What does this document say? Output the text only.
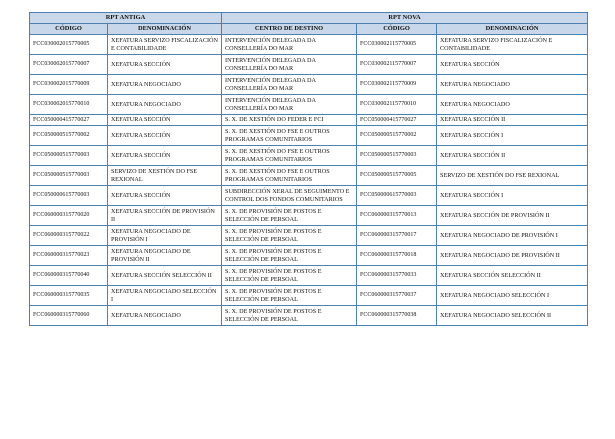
RPT ANTIGA		RPT NOVA		
CÓDIGO	DENOMINACIÓN	CENTRO DE DESTINO	CÓDIGO	DENOMINACIÓN
FCC030002015770005	XEFATURA SERVIZO FISCALIZACIÓN E CONTABILIDADE	INTERVENCIÓN DELEGADA DA CONSELLERÍA DO MAR	FCC030002115770005	XEFATURA SERVIZO FISCALIZACIÓN E CONTABILIDADE
FCC030002015770007	XEFATURA SECCIÓN	INTERVENCIÓN DELEGADA DA CONSELLERÍA DO MAR	FCC030002115770007	XEFATURA SECCIÓN
FCC030002015770009	XEFATURA NEGOCIADO	INTERVENCIÓN DELEGADA DA CONSELLERÍA DO MAR	FCC030002115770009	XEFATURA NEGOCIADO
FCC030002015770010	XEFATURA NEGOCIADO	INTERVENCIÓN DELEGADA DA CONSELLERÍA DO MAR	FCC030002115770010	XEFATURA NEGOCIADO
FCC050000415770027	XEFATURA SECCIÓN	S. X. DE XESTIÓN DO FEDER E FCI	FCC050000415770027	XEFATURA SECCIÓN II
FCC050000515770002	XEFATURA SECCIÓN	S. X. DE XESTIÓN DO FSE E OUTROS PROGRAMAS COMUNITARIOS	FCC050000515770002	XEFATURA SECCIÓN I
FCC050000515770003	XEFATURA SECCIÓN	S. X. DE XESTIÓN DO FSE E OUTROS PROGRAMAS COMUNITARIOS	FCC050000515770003	XEFATURA SECCIÓN II
FCC050000515770003	SERVIZO DE XESTIÓN DO FSE REXIONAL	S. X. DE XESTIÓN DO FSE E OUTROS PROGRAMAS COMUNITARIOS	FCC050000515770005	SERVIZO DE XESTIÓN DO FSE REXIONAL
FCC050000615770003	XEFATURA SECCIÓN	SUBDIRECCIÓN XERAL DE SEGUIMENTO E CONTROL DOS FONDOS COMUNITARIOS	FCC050000615770003	XEFATURA SECCIÓN I
FCC060000315770020	XEFATURA SECCIÓN DE PROVISIÓN II	S. X. DE PROVISIÓN DE POSTOS E SELECCIÓN DE PERSOAL	FCC060000315770013	XEFATURA SECCIÓN DE PROVISIÓN II
FCC060000315770022	XEFATURA NEGOCIADO DE PROVISIÓN I	S. X. DE PROVISIÓN DE POSTOS E SELECCIÓN DE PERSOAL	FCC060000315770017	XEFATURA NEGOCIADO DE PROVISIÓN I
FCC060000315770023	XEFATURA NEGOCIADO DE PROVISIÓN II	S. X. DE PROVISIÓN DE POSTOS E SELECCIÓN DE PERSOAL	FCC060000315770018	XEFATURA NEGOCIADO DE PROVISIÓN II
FCC060000315770040	XEFATURA SECCIÓN SELECCIÓN II	S. X. DE PROVISIÓN DE POSTOS E SELECCIÓN DE PERSOAL	FCC060000315770033	XEFATURA SECCIÓN SELECCIÓN II
FCC060000315770035	XEFATURA NEGOCIADO SELECCIÓN I	S. X. DE PROVISIÓN DE POSTOS E SELECCIÓN DE PERSOAL	FCC060000315770037	XEFATURA NEGOCIADO SELECCIÓN I
FCC060000315770060	XEFATURA NEGOCIADO	S. X. DE PROVISIÓN DE POSTOS E SELECCIÓN DE PERSOAL	FCC060000315770038	XEFATURA NEGOCIADO SELECCIÓN II
